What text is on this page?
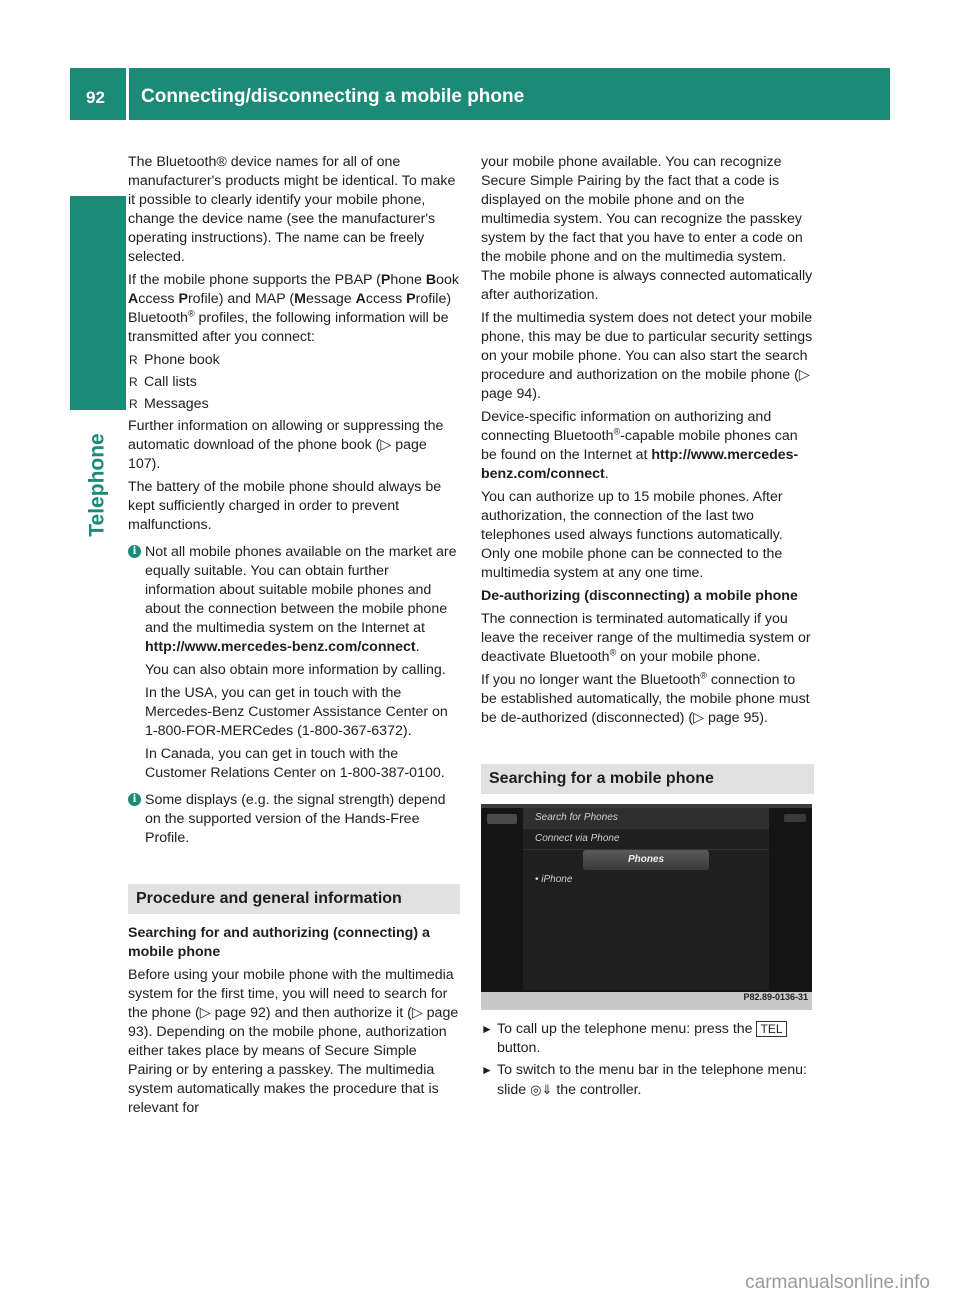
92 Connecting/disconnecting a mobile phone
Telephone

The Bluetooth® device names for all of one manufacturer's products might be identical. To make it possible to clearly identify your mobile phone, change the device name (see the manufacturer's operating instructions). The name can be freely selected.

If the mobile phone supports the PBAP (Phone Book Access Profile) and MAP (Message Access Profile) Bluetooth® profiles, the following information will be transmitted after you connect:

R Phone book
R Call lists
R Messages

Further information on allowing or suppressing the automatic download of the phone book (▷ page 107).

The battery of the mobile phone should always be kept sufficiently charged in order to prevent malfunctions.

i Not all mobile phones available on the market are equally suitable. You can obtain further information about suitable mobile phones and about the connection between the mobile phone and the multimedia system on the Internet at http://www.mercedes-benz.com/connect.

You can also obtain more information by calling.

In the USA, you can get in touch with the Mercedes-Benz Customer Assistance Center on 1-800-FOR-MERCedes (1-800-367-6372).

In Canada, you can get in touch with the Customer Relations Center on 1-800-387-0100.

i Some displays (e.g. the signal strength) depend on the supported version of the Hands-Free Profile.

Procedure and general information

Searching for and authorizing (connecting) a mobile phone

Before using your mobile phone with the multimedia system for the first time, you will need to search for the phone (▷ page 92) and then authorize it (▷ page 93). Depending on the mobile phone, authorization either takes place by means of Secure Simple Pairing or by entering a passkey. The multimedia system automatically makes the procedure that is relevant for

your mobile phone available. You can recognize Secure Simple Pairing by the fact that a code is displayed on the mobile phone and on the multimedia system. You can recognize the passkey system by the fact that you have to enter a code on the mobile phone and on the multimedia system. The mobile phone is always connected automatically after authorization.

If the multimedia system does not detect your mobile phone, this may be due to particular security settings on your mobile phone. You can also start the search procedure and authorization on the mobile phone (▷ page 94).

Device-specific information on authorizing and connecting Bluetooth®-capable mobile phones can be found on the Internet at http://www.mercedes-benz.com/connect.

You can authorize up to 15 mobile phones. After authorization, the connection of the last two telephones used always functions automatically. Only one mobile phone can be connected to the multimedia system at any one time.

De-authorizing (disconnecting) a mobile phone

The connection is terminated automatically if you leave the receiver range of the multimedia system or deactivate Bluetooth® on your mobile phone.

If you no longer want the Bluetooth® connection to be established automatically, the mobile phone must be de-authorized (disconnected) (▷ page 95).

Searching for a mobile phone
Search for Phones
Connect via Phone
Phones
• iPhone
P82.89-0136-31
► To call up the telephone menu: press the TEL button.
► To switch to the menu bar in the telephone menu: slide ◎⇓ the controller.
carmanualsonline.info
